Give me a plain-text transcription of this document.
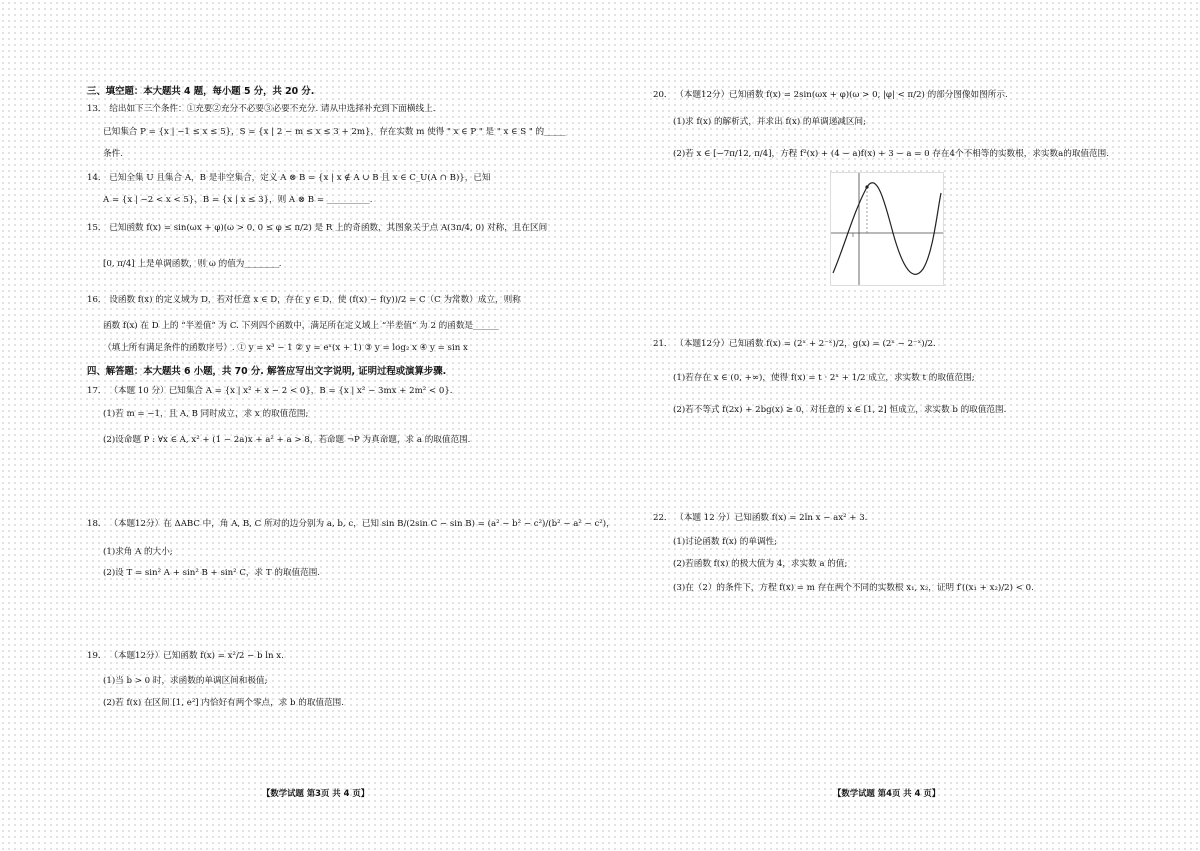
三、填空题：本大题共 4 题，每小题 5 分，共 20 分.
13． 给出如下三个条件：①充要②充分不必要③必要不充分. 请从中选择补充到下面横线上.
已知集合 P = {x | −1 ≤ x ≤ 5}，S = {x | 2 − m ≤ x ≤ 3 + 2m}，存在实数 m 使得 " x ∈ P " 是 " x ∈ S " 的_____
条件.
14． 已知全集 U 且集合 A，B 是非空集合，定义 A ⊗ B = {x | x ∉ A ∪ B 且 x ∈ C_U(A ∩ B)}，已知
A = {x | −2 < x < 5}，B = {x | x ≤ 3}，则 A ⊗ B = __________.
15． 已知函数 f(x) = sin(ωx + φ)(ω > 0, 0 ≤ φ ≤ π/2) 是 R 上的奇函数，其图象关于点 A(3π/4, 0) 对称，且在区间
[0, π/4] 上是单调函数，则 ω 的值为________.
16． 设函数 f(x) 的定义域为 D，若对任意 x ∈ D，存在 y ∈ D，使 (f(x) − f(y))/2 = C（C 为常数）成立，则称
函数 f(x) 在 D 上的 “半差值” 为 C. 下列四个函数中，满足所在定义域上 “半差值” 为 2 的函数是______
（填上所有满足条件的函数序号）. ① y = x³ − 1 ② y = eˣ(x + 1) ③ y = log₂ x ④ y = sin x
四、解答题：本大题共 6 小题，共 70 分. 解答应写出文字说明, 证明过程或演算步骤.
17． （本题 10 分）已知集合 A = {x | x² + x − 2 < 0}，B = {x | x² − 3mx + 2m² < 0}.
(1)若 m = −1，且 A, B 同时成立，求 x 的取值范围;
(2)设命题 P : ∀x ∈ A, x² + (1 − 2a)x + a² + a > 8，若命题 ¬P 为真命题，求 a 的取值范围.
18． （本题12分）在 ΔABC 中，角 A, B, C 所对的边分别为 a, b, c，已知 sin B/(2sin C − sin B) = (a² − b² − c²)/(b² − a² − c²)，
(1)求角 A 的大小;
(2)设 T = sin² A + sin² B + sin² C，求 T 的取值范围.
19． （本题12分）已知函数 f(x) = x²/2 − b ln x.
(1)当 b > 0 时，求函数的单调区间和极值;
(2)若 f(x) 在区间 [1, e²] 内恰好有两个零点，求 b 的取值范围.
【数学试题 第3页 共 4 页】
20． （本题12分）已知函数 f(x) = 2sin(ωx + φ)(ω > 0, |φ| < π/2) 的部分图像如图所示.
(1)求 f(x) 的解析式，并求出 f(x) 的单调递减区间;
(2)若 x ∈ [−7π/12, π/4]，方程 f²(x) + (4 − a)f(x) + 3 − a = 0 存在4个不相等的实数根，求实数a的取值范围.
21． （本题12分）已知函数 f(x) = (2ˣ + 2⁻ˣ)/2，g(x) = (2ˣ − 2⁻ˣ)/2.
(1)若存在 x ∈ (0, +∞)，使得 f(x) = t · 2ˣ + 1/2 成立，求实数 t 的取值范围;
(2)若不等式 f(2x) + 2bg(x) ≥ 0，对任意的 x ∈ [1, 2] 恒成立，求实数 b 的取值范围.
22． （本题 12 分）已知函数 f(x) = 2ln x − ax² + 3.
(1)讨论函数 f(x) 的单调性;
(2)若函数 f(x) 的极大值为 4，求实数 a 的值;
(3)在（2）的条件下，方程 f(x) = m 存在两个不同的实数根 x₁, x₂，证明 f′((x₁ + x₂)/2) < 0.
【数学试题 第4页 共 4 页】
